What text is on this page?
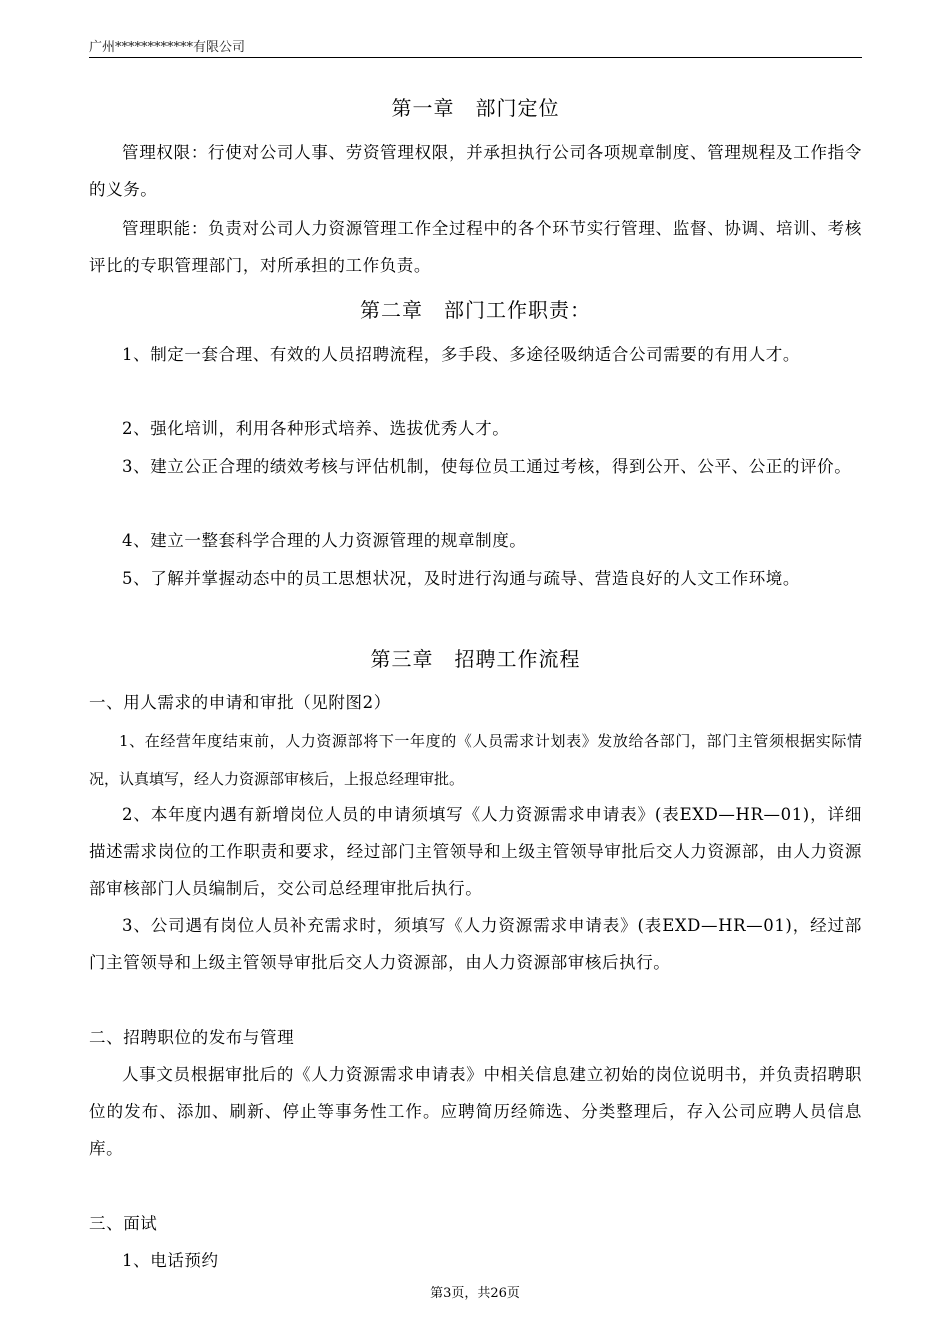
广州************有限公司
第一章　部门定位

管理权限：行使对公司人事、劳资管理权限，并承担执行公司各项规章制度、管理规程及工作指令的义务。

管理职能：负责对公司人力资源管理工作全过程中的各个环节实行管理、监督、协调、培训、考核评比的专职管理部门，对所承担的工作负责。

第二章　部门工作职责：

1、制定一套合理、有效的人员招聘流程，多手段、多途径吸纳适合公司需要的有用人才。

2、强化培训，利用各种形式培养、选拔优秀人才。

3、建立公正合理的绩效考核与评估机制，使每位员工通过考核，得到公开、公平、公正的评价。

4、建立一整套科学合理的人力资源管理的规章制度。

5、了解并掌握动态中的员工思想状况，及时进行沟通与疏导、营造良好的人文工作环境。

第三章　招聘工作流程
一、用人需求的申请和审批（见附图2）

1、在经营年度结束前，人力资源部将下一年度的《人员需求计划表》发放给各部门，部门主管须根据实际情况，认真填写，经人力资源部审核后，上报总经理审批。

2、本年度内遇有新增岗位人员的申请须填写《人力资源需求申请表》(表EXD—HR—01)，详细描述需求岗位的工作职责和要求，经过部门主管领导和上级主管领导审批后交人力资源部，由人力资源部审核部门人员编制后，交公司总经理审批后执行。

3、公司遇有岗位人员补充需求时，须填写《人力资源需求申请表》(表EXD—HR—01)，经过部门主管领导和上级主管领导审批后交人力资源部，由人力资源部审核后执行。

二、招聘职位的发布与管理

人事文员根据审批后的《人力资源需求申请表》中相关信息建立初始的岗位说明书，并负责招聘职位的发布、添加、刷新、停止等事务性工作。应聘简历经筛选、分类整理后，存入公司应聘人员信息库。

三、面试

1、电话预约

第3页，共26页
